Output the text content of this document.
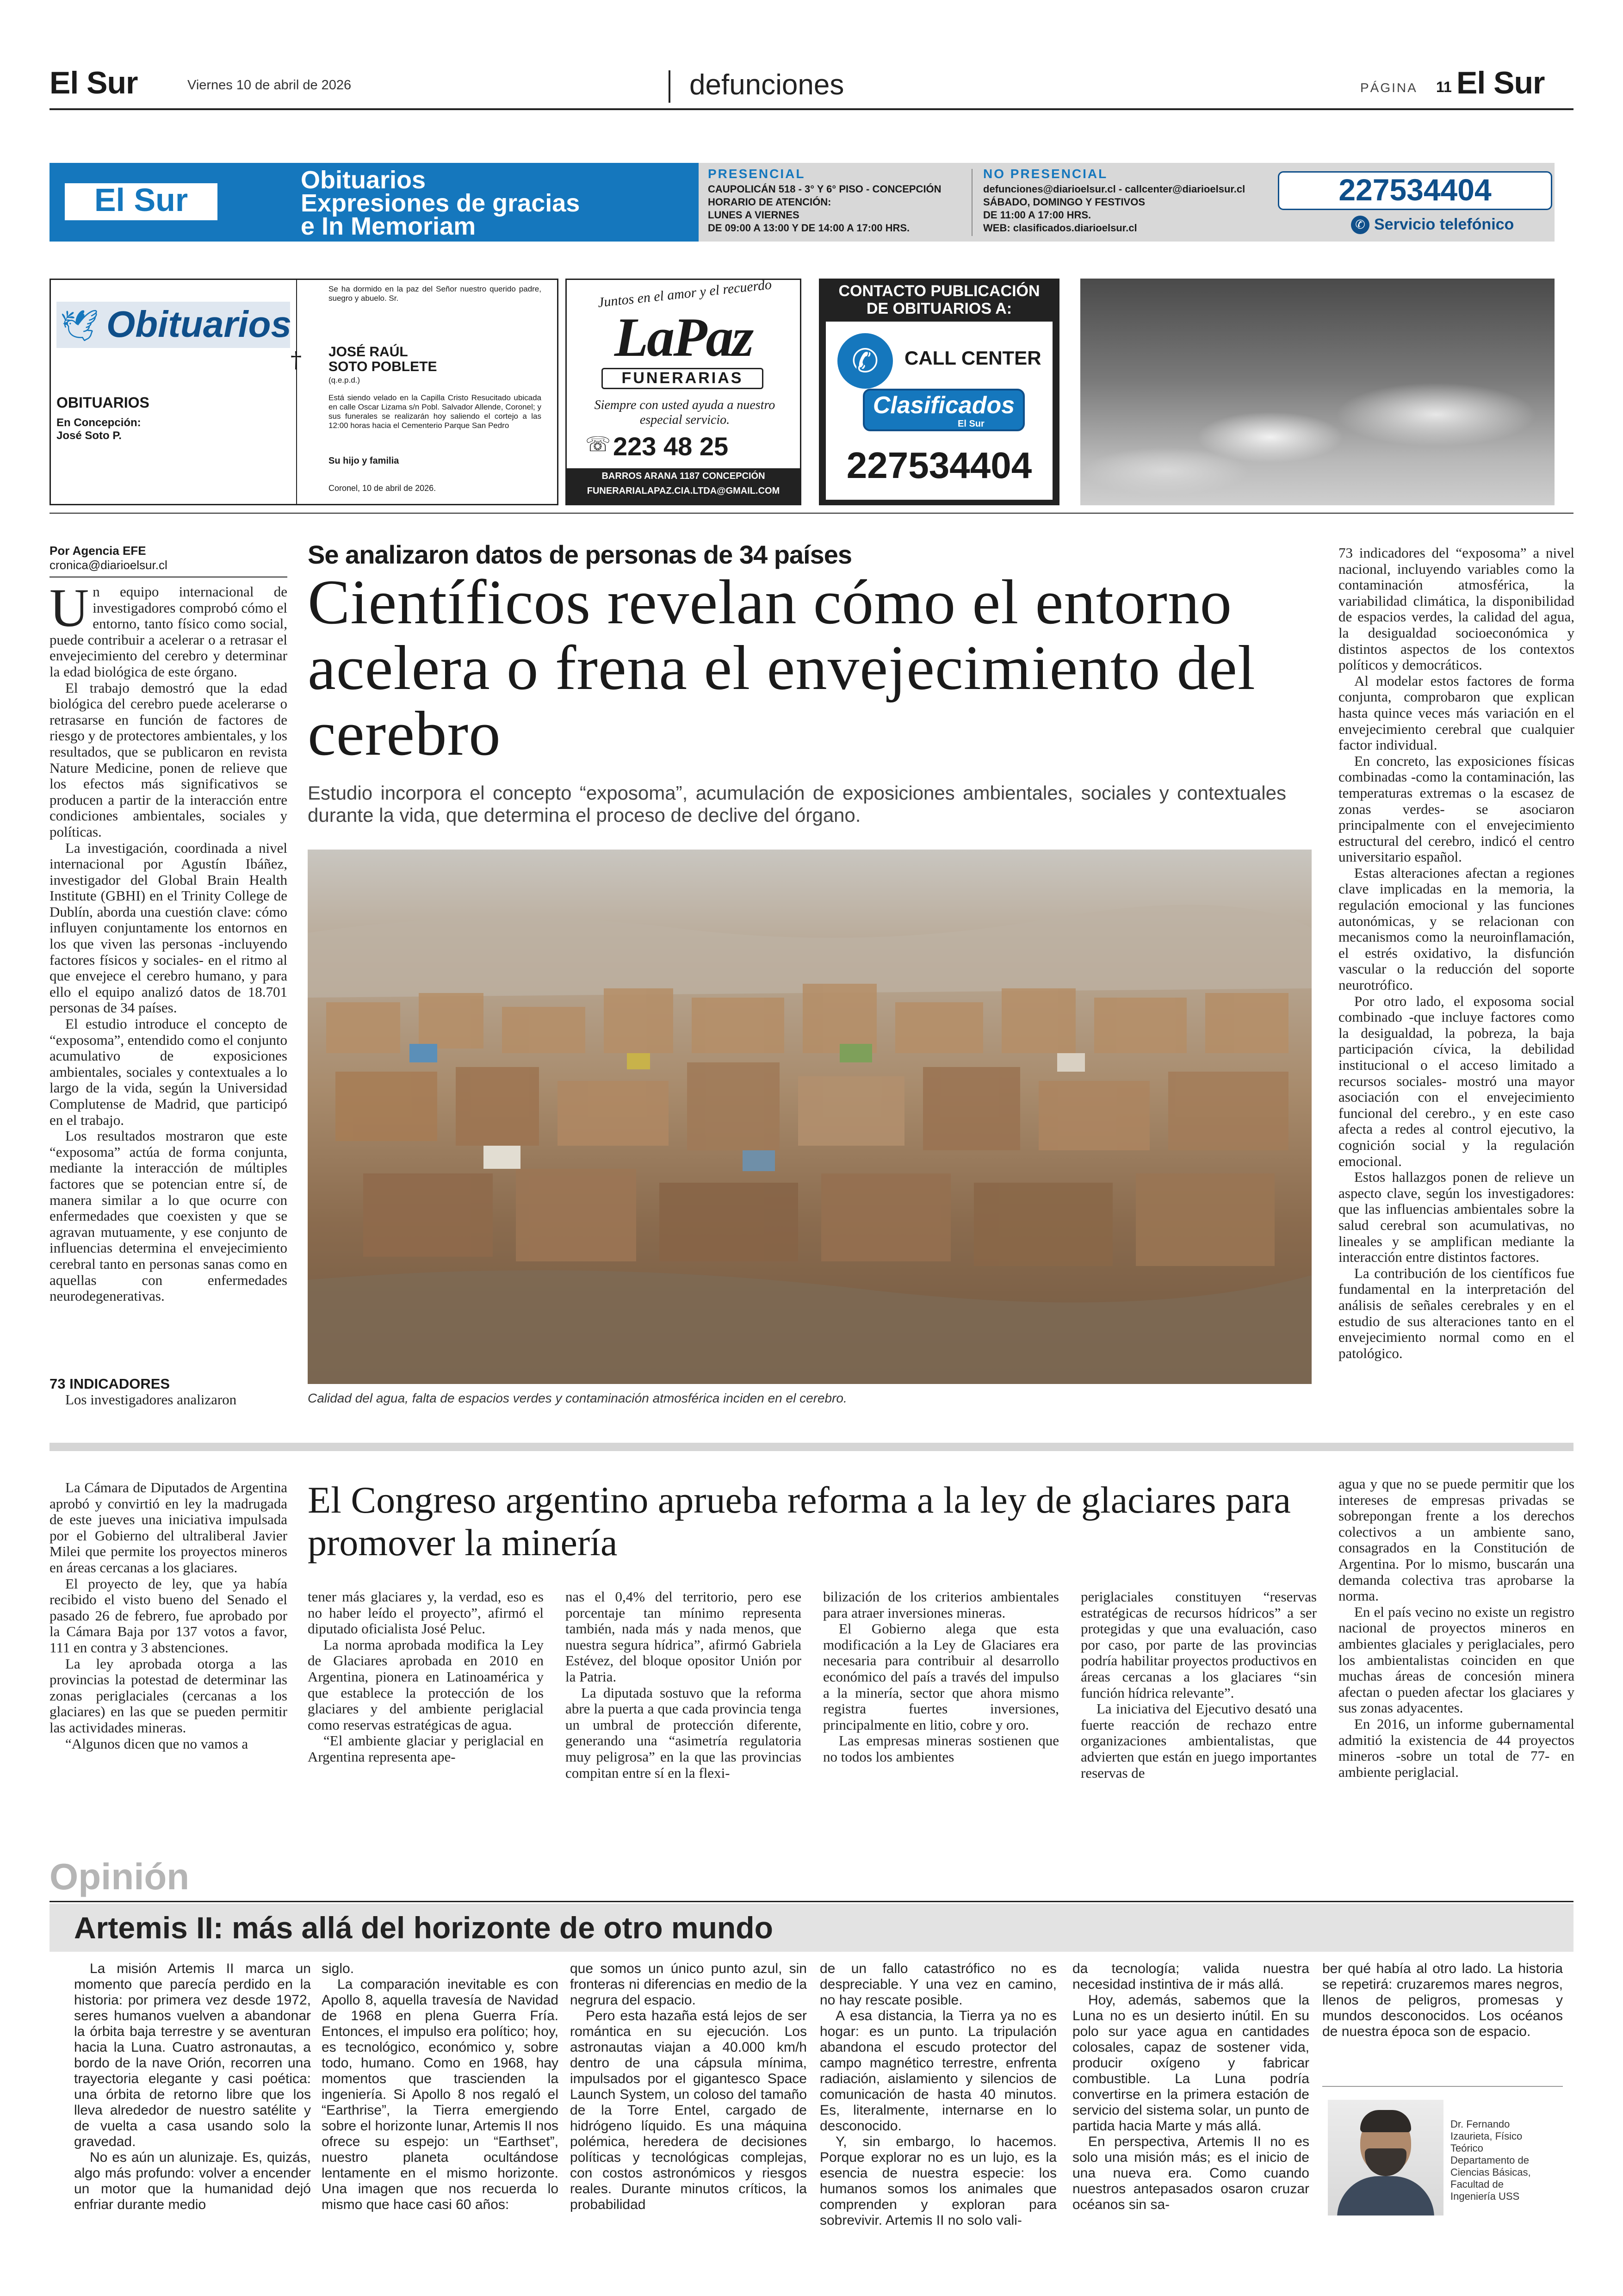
El Sur	Viernes 10 de abril de 2026	defunciones	PÁGINA 11 El Sur
El Sur
Obituarios
Expresiones de gracias
e In Memoriam
PRESENCIAL
CAUPOLICÁN 518 - 3° Y 6° PISO - CONCEPCIÓN
HORARIO DE ATENCIÓN:
LUNES A VIERNES
DE 09:00 A 13:00 Y DE 14:00 A 17:00 HRS.
NO PRESENCIAL
defunciones@diarioelsur.cl - callcenter@diarioelsur.cl
SÁBADO, DOMINGO Y FESTIVOS
DE 11:00 A 17:00 HRS.
WEB: clasificados.diarioelsur.cl
227534404
✆ Servicio telefónico
🕊 Obituarios
OBITUARIOS
En Concepción:
José Soto P.
Se ha dormido en la paz del Señor nuestro querido padre, suegro y abuelo. Sr.
† JOSÉ RAÚL
SOTO POBLETE
(q.e.p.d.)
Está siendo velado en la Capilla Cristo Resucitado ubicada en calle Oscar Lizama s/n Pobl. Salvador Allende, Coronel; y sus funerales se realizarán hoy saliendo el cortejo a las 12:00 horas hacia el Cementerio Parque San Pedro
Su hijo y familia
Coronel, 10 de abril de 2026.
Juntos en el amor y el recuerdo
LaPaz
FUNERARIAS
Siempre con usted ayuda a nuestro especial servicio.
☏ 223 48 25
BARROS ARANA 1187 CONCEPCIÓN
FUNERARIALAPAZ.CIA.LTDA@GMAIL.COM
CONTACTO PUBLICACIÓN
DE OBITUARIOS A:
✆	CALL CENTER
Clasificados
El Sur
227534404
Por Agencia EFE
cronica@diarioelsur.cl
U n equipo internacional de investigadores comprobó cómo el entorno, tanto físico como social, puede contribuir a acelerar o a retrasar el envejecimiento del cerebro y determinar la edad biológica de este órgano.

El trabajo demostró que la edad biológica del cerebro puede acelerarse o retrasarse en función de factores de riesgo y de protectores ambientales, y los resultados, que se publicaron en revista Nature Medicine, ponen de relieve que los efectos más significativos se producen a partir de la interacción entre condiciones ambientales, sociales y políticas.

La investigación, coordinada a nivel internacional por Agustín Ibáñez, investigador del Global Brain Health Institute (GBHI) en el Trinity College de Dublín, aborda una cuestión clave: cómo influyen conjuntamente los entornos en los que viven las personas -incluyendo factores físicos y sociales- en el ritmo al que envejece el cerebro humano, y para ello el equipo analizó datos de 18.701 personas de 34 países.

El estudio introduce el concepto de “exposoma”, entendido como el conjunto acumulativo de exposiciones ambientales, sociales y contextuales a lo largo de la vida, según la Universidad Complutense de Madrid, que participó en el trabajo.

Los resultados mostraron que este “exposoma” actúa de forma conjunta, mediante la interacción de múltiples factores que se potencian entre sí, de manera similar a lo que ocurre con enfermedades que coexisten y que se agravan mutuamente, y ese conjunto de influencias determina el envejecimiento cerebral tanto en personas sanas como en aquellas con enfermedades neurodegenerativas.

73 INDICADORES

Los investigadores analizaron

Se analizaron datos de personas de 34 países
Científicos revelan cómo el entorno acelera o frena el envejecimiento del cerebro
Estudio incorpora el concepto “exposoma”, acumulación de exposiciones ambientales, sociales y contextuales durante la vida, que determina el proceso de declive del órgano.
Calidad del agua, falta de espacios verdes y contaminación atmosférica inciden en el cerebro.

73 indicadores del “exposoma” a nivel nacional, incluyendo variables como la contaminación atmosférica, la variabilidad climática, la disponibilidad de espacios verdes, la calidad del agua, la desigualdad socioeconómica y distintos aspectos de los contextos políticos y democráticos.

Al modelar estos factores de forma conjunta, comprobaron que explican hasta quince veces más variación en el envejecimiento cerebral que cualquier factor individual.

En concreto, las exposiciones físicas combinadas -como la contaminación, las temperaturas extremas o la escasez de zonas verdes- se asociaron principalmente con el envejecimiento estructural del cerebro, indicó el centro universitario español.

Estas alteraciones afectan a regiones clave implicadas en la memoria, la regulación emocional y las funciones autonómicas, y se relacionan con mecanismos como la neuroinflamación, el estrés oxidativo, la disfunción vascular o la reducción del soporte neurotrófico.

Por otro lado, el exposoma social combinado -que incluye factores como la desigualdad, la pobreza, la baja participación cívica, la debilidad institucional o el acceso limitado a recursos sociales- mostró una mayor asociación con el envejecimiento funcional del cerebro., y en este caso afecta a redes al control ejecutivo, la cognición social y la regulación emocional.

Estos hallazgos ponen de relieve un aspecto clave, según los investigadores: que las influencias ambientales sobre la salud cerebral son acumulativas, no lineales y se amplifican mediante la interacción entre distintos factores.

La contribución de los científicos fue fundamental en la interpretación del análisis de señales cerebrales y en el estudio de sus alteraciones tanto en el envejecimiento normal como en el patológico.

La Cámara de Diputados de Argentina aprobó y convirtió en ley la madrugada de este jueves una iniciativa impulsada por el Gobierno del ultraliberal Javier Milei que permite los proyectos mineros en áreas cercanas a los glaciares.

El proyecto de ley, que ya había recibido el visto bueno del Senado el pasado 26 de febrero, fue aprobado por la Cámara Baja por 137 votos a favor, 111 en contra y 3 abstenciones.

La ley aprobada otorga a las provincias la potestad de determinar las zonas periglaciales (cercanas a los glaciares) en las que se pueden permitir las actividades mineras.

“Algunos dicen que no vamos a

El Congreso argentino aprueba reforma a la ley de glaciares para promover la minería

tener más glaciares y, la verdad, eso es no haber leído el proyecto”, afirmó el diputado oficialista José Peluc.

La norma aprobada modifica la Ley de Glaciares aprobada en 2010 en Argentina, pionera en Latinoamérica y que establece la protección de los glaciares y del ambiente periglacial como reservas estratégicas de agua.

“El ambiente glaciar y periglacial en Argentina representa ape-

nas el 0,4% del territorio, pero ese porcentaje tan mínimo representa también, nada más y nada menos, que nuestra segura hídrica”, afirmó Gabriela Estévez, del bloque opositor Unión por la Patria.

La diputada sostuvo que la reforma abre la puerta a que cada provincia tenga un umbral de protección diferente, generando una “asimetría regulatoria muy peligrosa” en la que las provincias compitan entre sí en la flexi-

bilización de los criterios ambientales para atraer inversiones mineras.

El Gobierno alega que esta modificación a la Ley de Glaciares era necesaria para contribuir al desarrollo económico del país a través del impulso a la minería, sector que ahora mismo registra fuertes inversiones, principalmente en litio, cobre y oro.

Las empresas mineras sostienen que no todos los ambientes

periglaciales constituyen “reservas estratégicas de recursos hídricos” a ser protegidas y que una evaluación, caso por caso, por parte de las provincias podría habilitar proyectos productivos en áreas cercanas a los glaciares “sin función hídrica relevante”.

La iniciativa del Ejecutivo desató una fuerte reacción de rechazo entre organizaciones ambientalistas, que advierten que están en juego importantes reservas de

agua y que no se puede permitir que los intereses de empresas privadas se sobrepongan frente a los derechos colectivos a un ambiente sano, consagrados en la Constitución de Argentina. Por lo mismo, buscarán una demanda colectiva tras aprobarse la norma.

En el país vecino no existe un registro nacional de proyectos mineros en ambientes glaciales y periglaciales, pero los ambientalistas coinciden en que muchas áreas de concesión minera afectan o pueden afectar los glaciares y sus zonas adyacentes.

En 2016, un informe gubernamental admitió la existencia de 44 proyectos mineros -sobre un total de 77- en ambiente periglacial.

Opinión
Artemis II: más allá del horizonte de otro mundo

La misión Artemis II marca un momento que parecía perdido en la historia: por primera vez desde 1972, seres humanos vuelven a abandonar la órbita baja terrestre y se aventuran hacia la Luna. Cuatro astronautas, a bordo de la nave Orión, recorren una trayectoria elegante y casi poética: una órbita de retorno libre que los lleva alrededor de nuestro satélite y de vuelta a casa usando solo la gravedad.

No es aún un alunizaje. Es, quizás, algo más profundo: volver a encender un motor que la humanidad dejó enfriar durante medio

siglo.

La comparación inevitable es con Apollo 8, aquella travesía de Navidad de 1968 en plena Guerra Fría. Entonces, el impulso era político; hoy, es tecnológico, económico y, sobre todo, humano. Como en 1968, hay momentos que trascienden la ingeniería. Si Apollo 8 nos regaló el “Earthrise”, la Tierra emergiendo sobre el horizonte lunar, Artemis II nos ofrece su espejo: un “Earthset”, nuestro planeta ocultándose lentamente en el mismo horizonte. Una imagen que nos recuerda lo mismo que hace casi 60 años:

que somos un único punto azul, sin fronteras ni diferencias en medio de la negrura del espacio.

Pero esta hazaña está lejos de ser romántica en su ejecución. Los astronautas viajan a 40.000 km/h dentro de una cápsula mínima, impulsados por el gigantesco Space Launch System, un coloso del tamaño de la Torre Entel, cargado de hidrógeno líquido. Es una máquina polémica, heredera de decisiones políticas y tecnológicas complejas, con costos astronómicos y riesgos reales. Durante minutos críticos, la probabilidad

de un fallo catastrófico no es despreciable. Y una vez en camino, no hay rescate posible.

A esa distancia, la Tierra ya no es hogar: es un punto. La tripulación abandona el escudo protector del campo magnético terrestre, enfrenta radiación, aislamiento y silencios de comunicación de hasta 40 minutos. Es, literalmente, internarse en lo desconocido.

Y, sin embargo, lo hacemos. Porque explorar no es un lujo, es la esencia de nuestra especie: los humanos somos los animales que comprenden y exploran para sobrevivir. Artemis II no solo vali-

da tecnología; valida nuestra necesidad instintiva de ir más allá.

Hoy, además, sabemos que la Luna no es un desierto inútil. En su polo sur yace agua en cantidades colosales, capaz de sostener vida, producir oxígeno y fabricar combustible. La Luna podría convertirse en la primera estación de servicio del sistema solar, un punto de partida hacia Marte y más allá.

En perspectiva, Artemis II no es solo una misión más; es el inicio de una nueva era. Como cuando nuestros antepasados osaron cruzar océanos sin sa-

ber qué había al otro lado. La historia se repetirá: cruzaremos mares negros, llenos de peligros, promesas y mundos desconocidos. Los océanos de nuestra época son de espacio.

Dr. Fernando
Izaurieta, Físico
Teórico
Departamento de
Ciencias Básicas,
Facultad de
Ingeniería USS
